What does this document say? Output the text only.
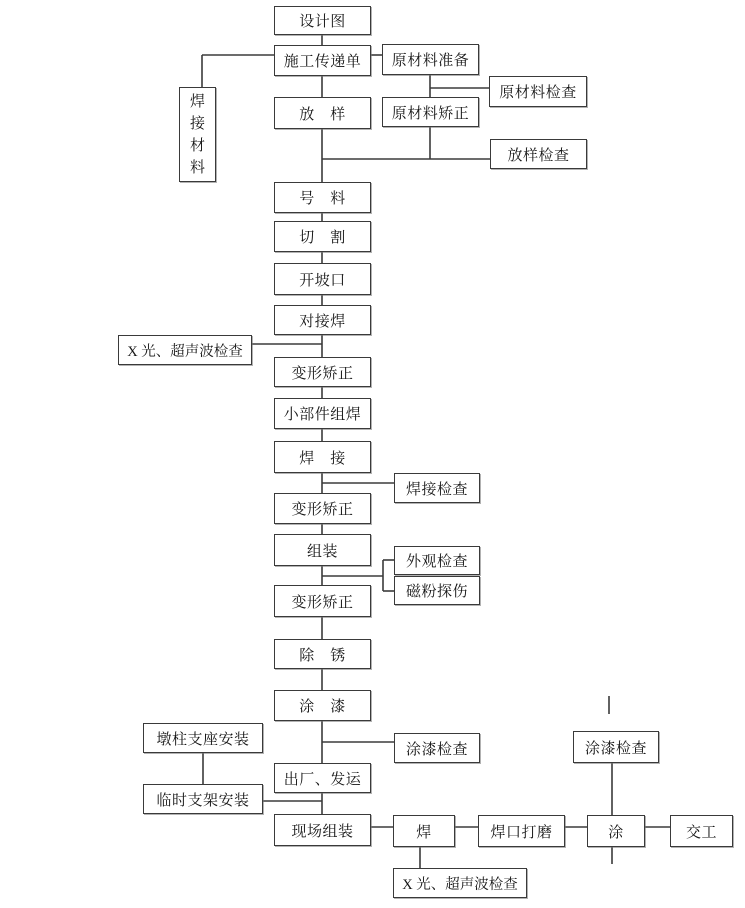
设计图
施工传递单
放　样
号　料
切　割
开坡口
对接焊
变形矫正
小部件组焊
焊　接
变形矫正
组装
变形矫正
除　锈
涂　漆
出厂、发运
现场组装
焊接材料
原材料准备
原材料检查
原材料矫正
放样检查
X 光、超声波检查
焊接检查
外观检查
磁粉探伤
墩柱支座安装
涂漆检查
临时支架安装
涂漆检查
焊	焊口打磨	涂	交工
X 光、超声波检查
